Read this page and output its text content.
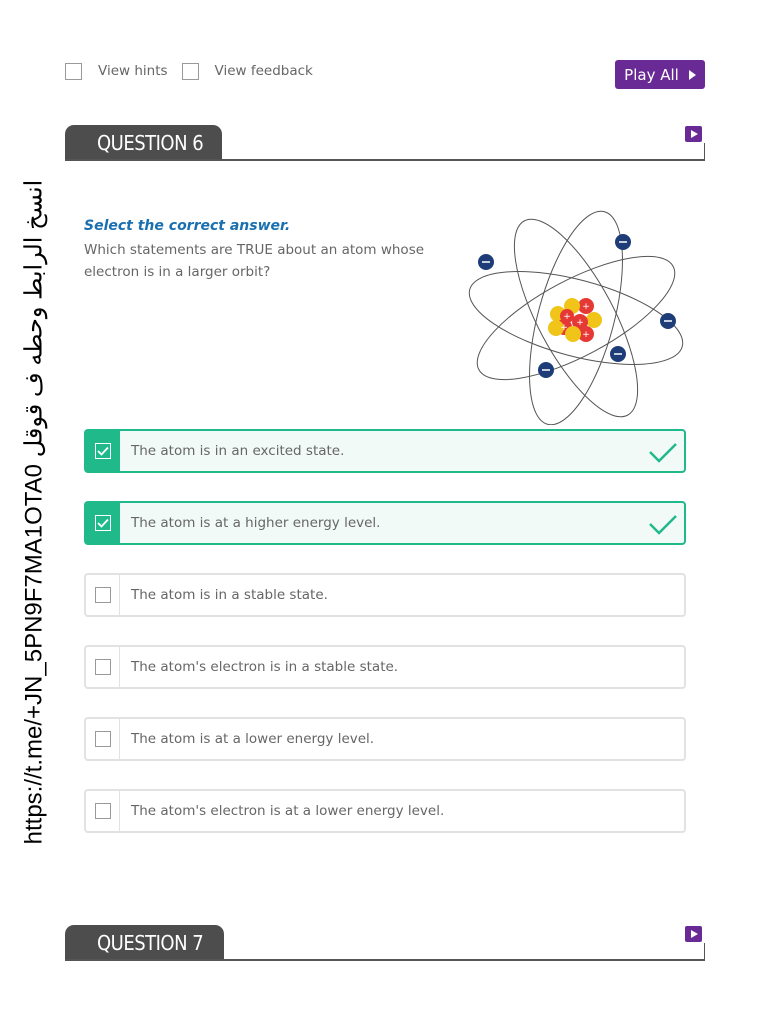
View hints	View feedback	Play All
QUESTION 6
Select the correct answer.
Which statements are TRUE about an atom whose electron is in a larger orbit?
+
+
+
+
+
The atom is in an excited state.
The atom is at a higher energy level.
The atom is in a stable state.
The atom's electron is in a stable state.
The atom is at a lower energy level.
The atom's electron is at a lower energy level.
QUESTION 7
https://t.me/+JN_5PN9F7MA1OTA0 انسخ الرابط وحطه ف قوقل
